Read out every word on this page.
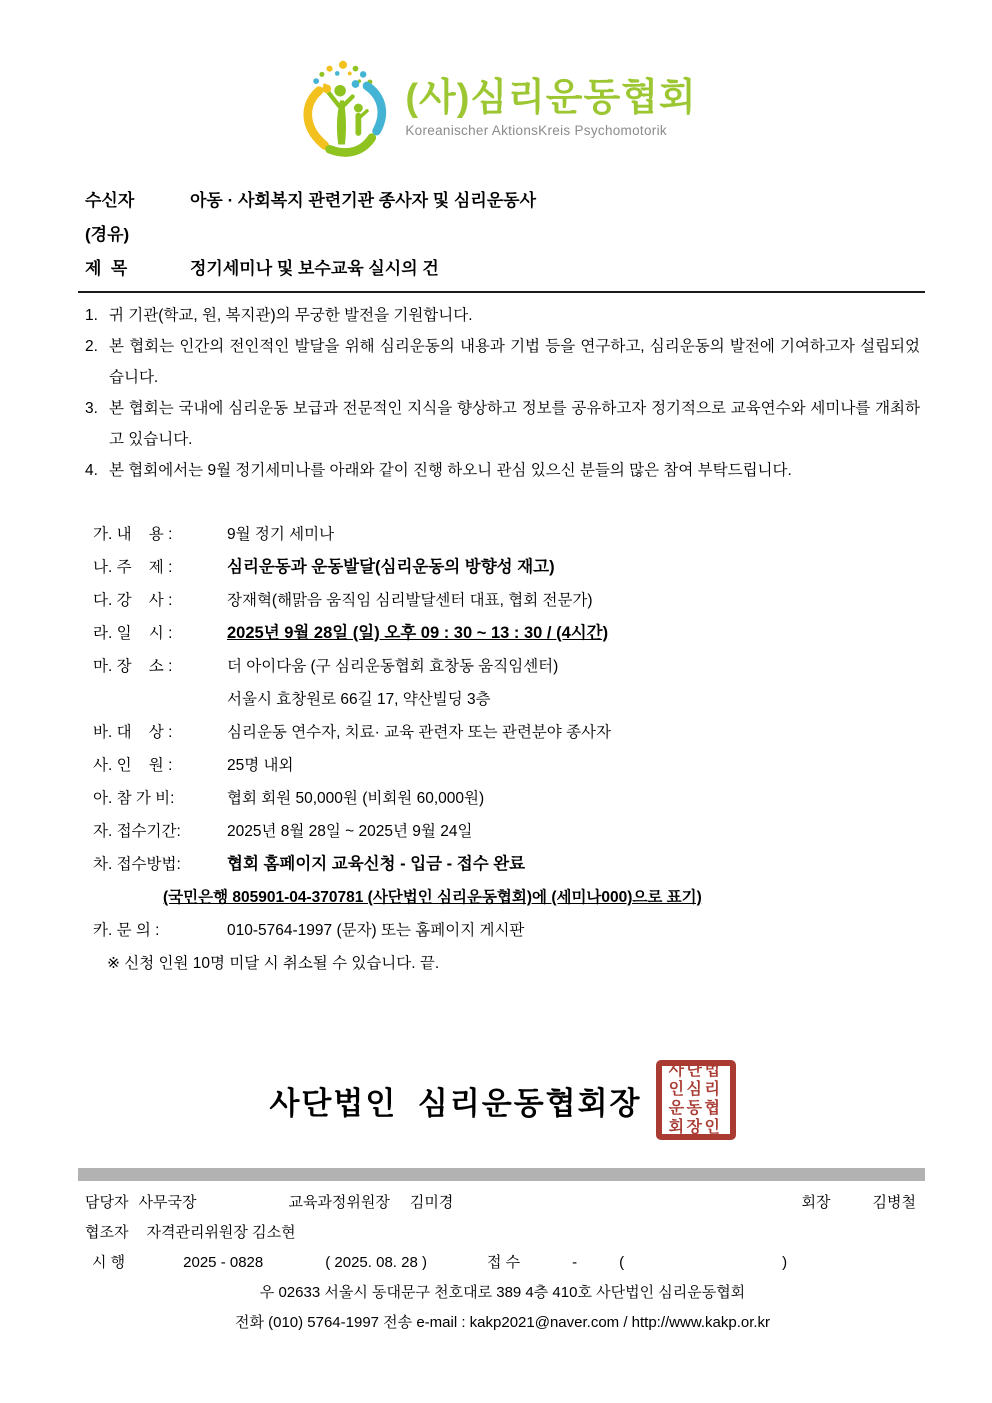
(사)심리운동협회
Koreanischer AktionsKreis Psychomotorik
수신자	아동 · 사회복지 관련기관 종사자 및 심리운동사
(경유)
제  목	정기세미나 및 보수교육 실시의 건
1. 귀 기관(학교, 원, 복지관)의 무궁한 발전을 기원합니다.
2. 본 협회는 인간의 전인적인 발달을 위해 심리운동의 내용과 기법 등을 연구하고, 심리운동의 발전에 기여하고자 설립되었습니다.
3. 본 협회는 국내에 심리운동 보급과 전문적인 지식을 향상하고 정보를 공유하고자 정기적으로 교육연수와 세미나를 개최하고 있습니다.
4. 본 협회에서는 9월 정기세미나를 아래와 같이 진행 하오니 관심 있으신 분들의 많은 참여 부탁드립니다.
가. 내    용 :	9월 정기 세미나
나. 주    제 :	심리운동과 운동발달(심리운동의 방향성 재고)
다. 강    사 :	장재혁(해맑음 움직임 심리발달센터 대표, 협회 전문가)
라. 일    시 :	2025년 9월 28일 (일) 오후 09 : 30 ~ 13 : 30 / (4시간)
마. 장    소 :	더 아이다움 (구 심리운동협회 효창동 움직임센터)
서울시 효창원로 66길 17, 약산빌딩 3층
바. 대    상 :	심리운동 연수자, 치료· 교육 관련자 또는 관련분야 종사자
사. 인    원 :	25명 내외
아. 참 가 비:	협회 회원 50,000원 (비회원 60,000원)
자. 접수기간:	2025년 8월 28일 ~ 2025년 9월 24일
차. 접수방법:	협회 홈페이지 교육신청 - 입금 - 접수 완료
(국민은행 805901-04-370781 (사단법인 심리운동협회)에 (세미나000)으로 표기)
카. 문 의 :	010-5764-1997 (문자) 또는 홈페이지 게시판
※ 신청 인원 10명 미달 시 취소될 수 있습니다. 끝.
사단법인 심리운동협회장
사단법인심리운동협회장인
담당자 사무국장	교육과정위원장 김미경	회장	김병철
협조자 자격관리위원장 김소현
시 행	2025 - 0828	( 2025. 08. 28 )	접 수	-	(	)
우 02633 서울시 동대문구 천호대로 389 4층 410호 사단법인 심리운동협회
전화 (010) 5764-1997 전송 e-mail : kakp2021@naver.com / http://www.kakp.or.kr
